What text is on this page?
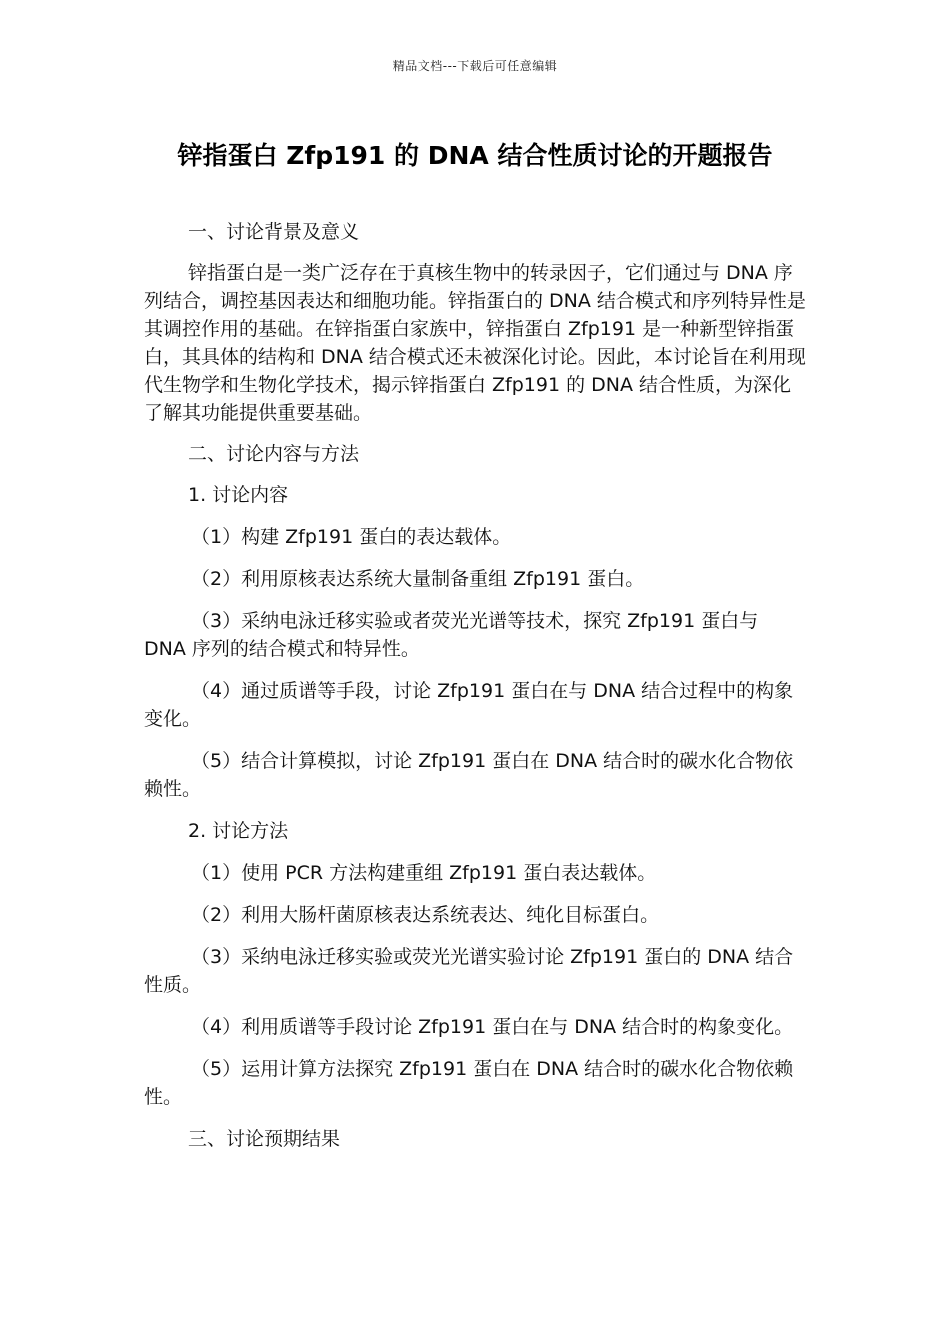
精品文档---下载后可任意编辑
锌指蛋白 Zfp191 的 DNA 结合性质讨论的开题报告

一、讨论背景及意义

锌指蛋白是一类广泛存在于真核生物中的转录因子，它们通过与 DNA 序列结合，调控基因表达和细胞功能。锌指蛋白的 DNA 结合模式和序列特异性是其调控作用的基础。在锌指蛋白家族中，锌指蛋白 Zfp191 是一种新型锌指蛋白，其具体的结构和 DNA 结合模式还未被深化讨论。因此，本讨论旨在利用现代生物学和生物化学技术，揭示锌指蛋白 Zfp191 的 DNA 结合性质，为深化了解其功能提供重要基础。

二、讨论内容与方法

1. 讨论内容

（1）构建 Zfp191 蛋白的表达载体。

（2）利用原核表达系统大量制备重组 Zfp191 蛋白。

（3）采纳电泳迁移实验或者荧光光谱等技术，探究 Zfp191 蛋白与 DNA 序列的结合模式和特异性。

（4）通过质谱等手段，讨论 Zfp191 蛋白在与 DNA 结合过程中的构象变化。

（5）结合计算模拟，讨论 Zfp191 蛋白在 DNA 结合时的碳水化合物依赖性。

2. 讨论方法

（1）使用 PCR 方法构建重组 Zfp191 蛋白表达载体。

（2）利用大肠杆菌原核表达系统表达、纯化目标蛋白。

（3）采纳电泳迁移实验或荧光光谱实验讨论 Zfp191 蛋白的 DNA 结合性质。

（4）利用质谱等手段讨论 Zfp191 蛋白在与 DNA 结合时的构象变化。

（5）运用计算方法探究 Zfp191 蛋白在 DNA 结合时的碳水化合物依赖性。

三、讨论预期结果
